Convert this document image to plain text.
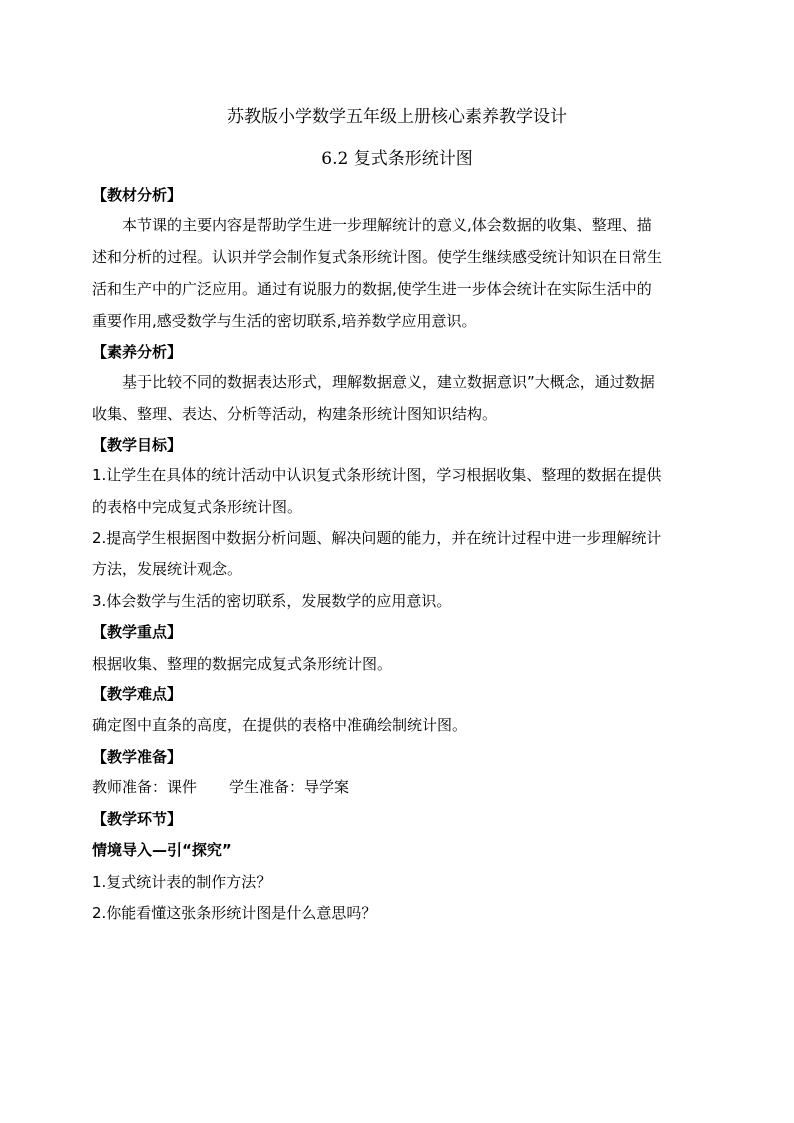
苏教版小学数学五年级上册核心素养教学设计
6.2 复式条形统计图
【教材分析】
本节课的主要内容是帮助学生进一步理解统计的意义,体会数据的收集、整理、描
述和分析的过程。认识并学会制作复式条形统计图。使学生继续感受统计知识在日常生
活和生产中的广泛应用。通过有说服力的数据,使学生进一步体会统计在实际生活中的
重要作用,感受数学与生活的密切联系,培养数学应用意识。
【素养分析】
基于比较不同的数据表达形式，理解数据意义，建立数据意识”大概念，通过数据
收集、整理、表达、分析等活动，构建条形统计图知识结构。
【教学目标】
1.让学生在具体的统计活动中认识复式条形统计图，学习根据收集、整理的数据在提供
的表格中完成复式条形统计图。
2.提高学生根据图中数据分析问题、解决问题的能力，并在统计过程中进一步理解统计
方法，发展统计观念。
3.体会数学与生活的密切联系，发展数学的应用意识。
【教学重点】
根据收集、整理的数据完成复式条形统计图。
【教学难点】
确定图中直条的高度，在提供的表格中准确绘制统计图。
【教学准备】
教师准备：课件 学生准备：导学案
【教学环节】
情境导入—引“探究”
1.复式统计表的制作方法？
2.你能看懂这张条形统计图是什么意思吗？
